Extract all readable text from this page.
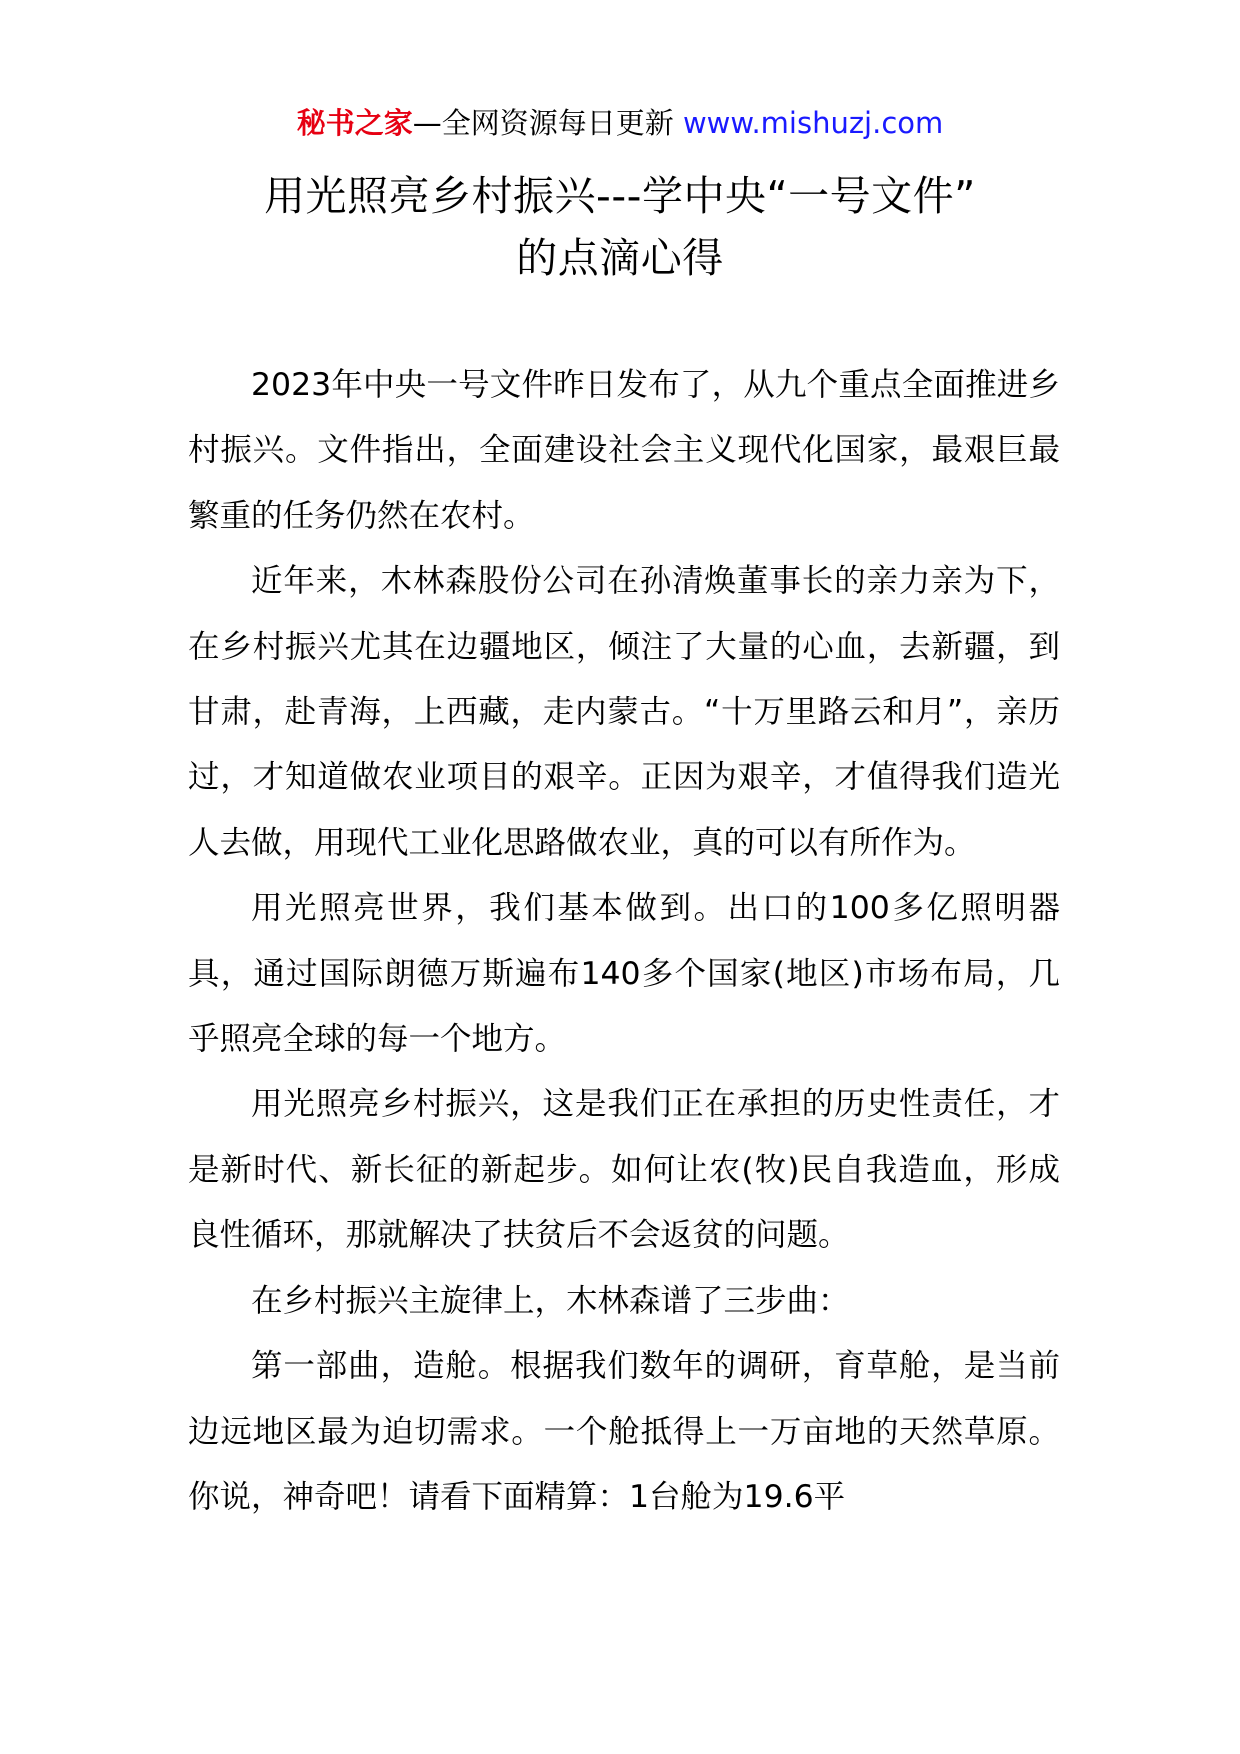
秘书之家—全网资源每日更新 www.mishuzj.com
用光照亮乡村振兴---学中央“一号文件”
的点滴心得

2023年中央一号文件昨日发布了，从九个重点全面推进乡村振兴。文件指出，全面建设社会主义现代化国家，最艰巨最繁重的任务仍然在农村。

近年来，木林森股份公司在孙清焕董事长的亲力亲为下，在乡村振兴尤其在边疆地区，倾注了大量的心血，去新疆，到甘肃，赴青海，上西藏，走内蒙古。“十万里路云和月”，亲历过，才知道做农业项目的艰辛。正因为艰辛，才值得我们造光人去做，用现代工业化思路做农业，真的可以有所作为。

用光照亮世界，我们基本做到。出口的100多亿照明器具，通过国际朗德万斯遍布140多个国家(地区)市场布局，几乎照亮全球的每一个地方。

用光照亮乡村振兴，这是我们正在承担的历史性责任，才是新时代、新长征的新起步。如何让农(牧)民自我造血，形成良性循环，那就解决了扶贫后不会返贫的问题。

在乡村振兴主旋律上，木林森谱了三步曲：

第一部曲，造舱。根据我们数年的调研，育草舱，是当前边远地区最为迫切需求。一个舱抵得上一万亩地的天然草原。你说，神奇吧！请看下面精算：1台舱为19.6平
